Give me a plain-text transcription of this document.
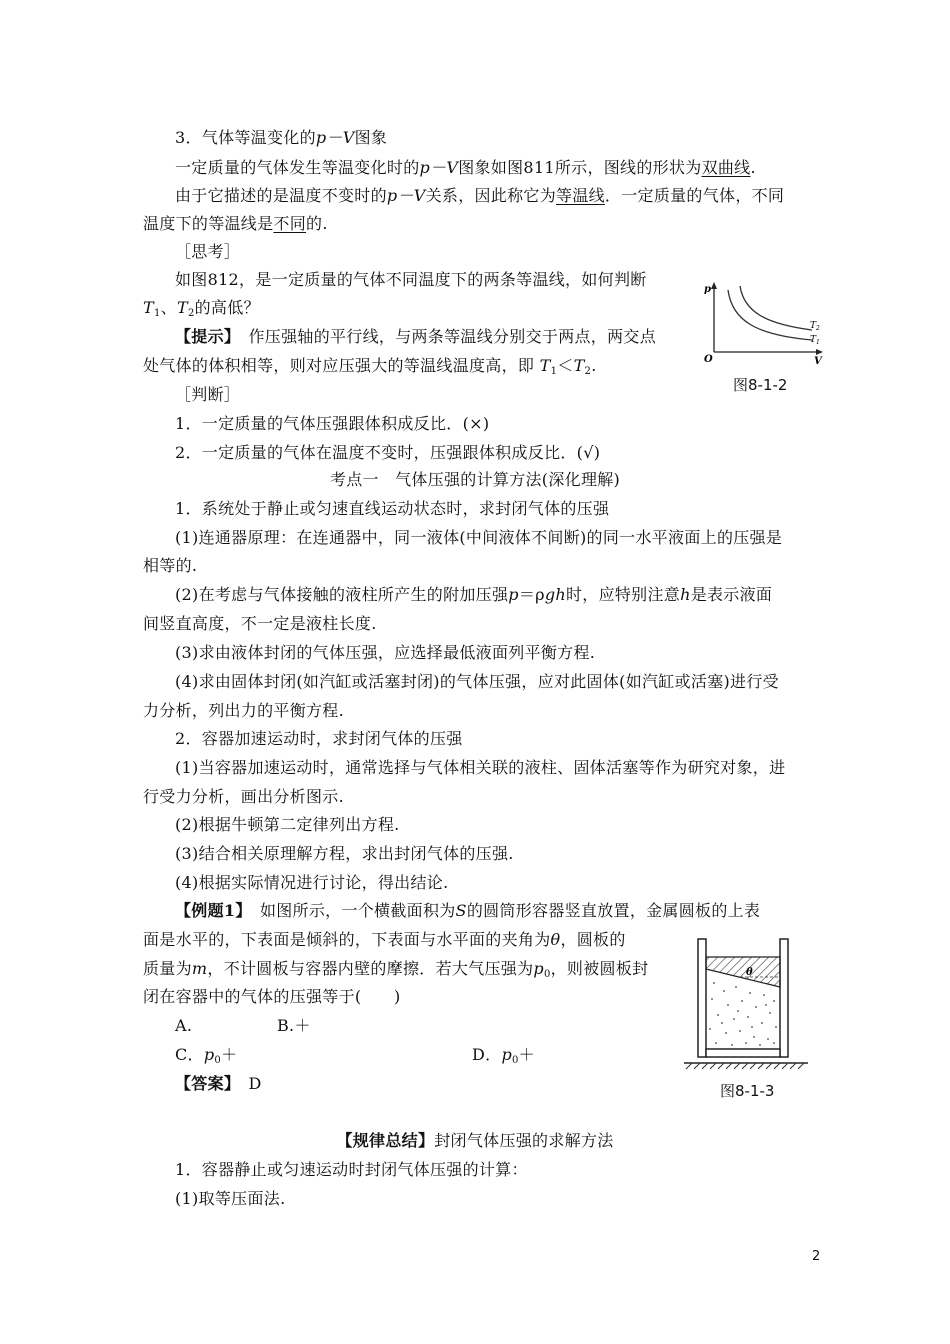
3．气体等温变化的p－V图象
一定质量的气体发生等温变化时的p－V图象如图811所示，图线的形状为双曲线.
由于它描述的是温度不变时的p－V关系，因此称它为等温线．一定质量的气体，不同
温度下的等温线是不同的.
［思考］
如图812，是一定质量的气体不同温度下的两条等温线，如何判断
$T_1$、$T_2$的高低？
【提示】　作压强轴的平行线，与两条等温线分别交于两点，两交点
处气体的体积相等，则对应压强大的等温线温度高，即 $T_1<T_2$.
p
O	V
$T_2$
$T_1$
图8-1-2
［判断］
1．一定质量的气体压强跟体积成反比．(×)
2．一定质量的气体在温度不变时，压强跟体积成反比．(√)
考点一　气体压强的计算方法(深化理解)
1．系统处于静止或匀速直线运动状态时，求封闭气体的压强
(1)连通器原理：在连通器中，同一液体(中间液体不间断)的同一水平液面上的压强是
相等的.
(2)在考虑与气体接触的液柱所产生的附加压强p＝ρgh时，应特别注意h是表示液面
间竖直高度，不一定是液柱长度.
(3)求由液体封闭的气体压强，应选择最低液面列平衡方程.
(4)求由固体封闭(如汽缸或活塞封闭)的气体压强，应对此固体(如汽缸或活塞)进行受
力分析，列出力的平衡方程.
2．容器加速运动时，求封闭气体的压强
(1)当容器加速运动时，通常选择与气体相关联的液柱、固体活塞等作为研究对象，进
行受力分析，画出分析图示.
(2)根据牛顿第二定律列出方程.
(3)结合相关原理解方程，求出封闭气体的压强.
(4)根据实际情况进行讨论，得出结论.
【例题1】　如图所示，一个横截面积为S的圆筒形容器竖直放置，金属圆板的上表
面是水平的，下表面是倾斜的，下表面与水平面的夹角为θ，圆板的
质量为m，不计圆板与容器内壁的摩擦．若大气压强为$p_0$，则被圆板封
闭在容器中的气体的压强等于(　　)
A.	B.＋
C．$p_0+$	D．$p_0+$
【答案】　D
θ
图8-1-3
【规律总结】封闭气体压强的求解方法
1．容器静止或匀速运动时封闭气体压强的计算：
(1)取等压面法.
2
